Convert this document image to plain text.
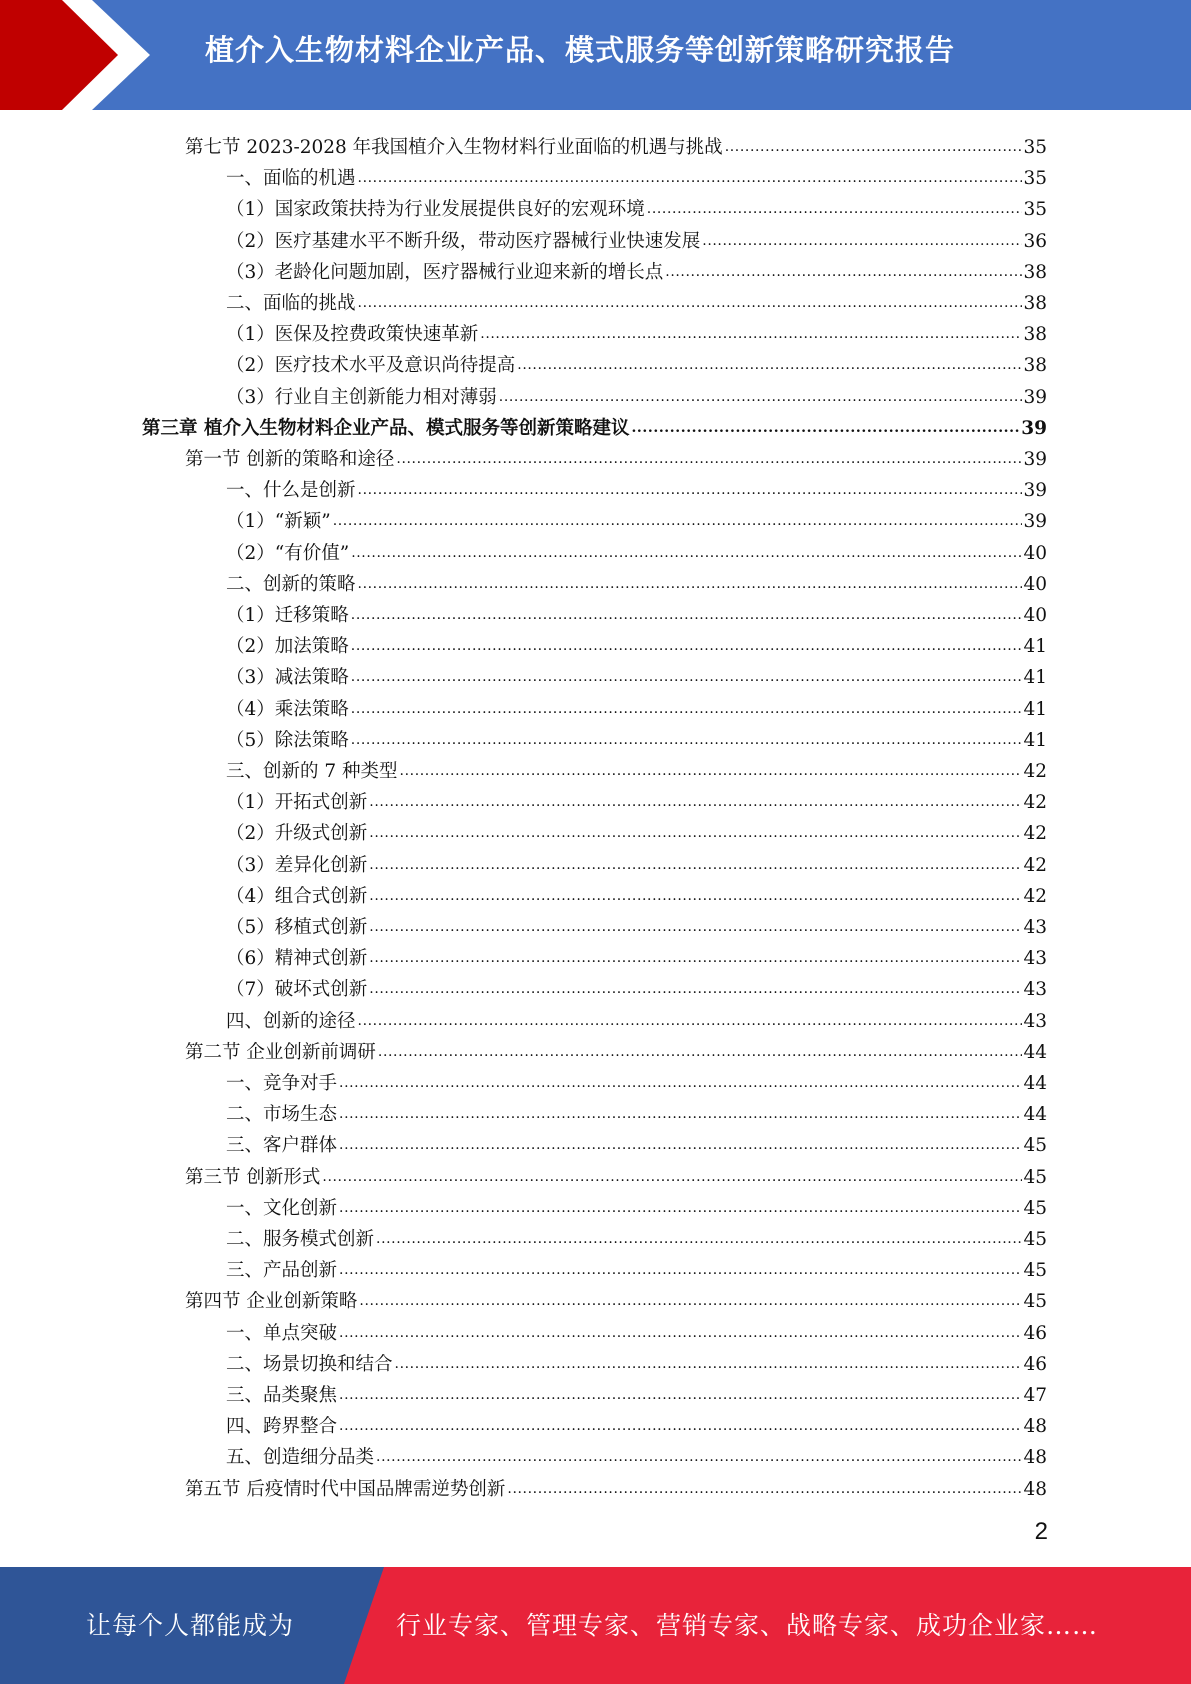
植介入生物材料企业产品、模式服务等创新策略研究报告
第七节 2023-2028 年我国植介入生物材料行业面临的机遇与挑战 .....	35
一、面临的机遇 .....	35
（1）国家政策扶持为行业发展提供良好的宏观环境 .....	35
（2）医疗基建水平不断升级，带动医疗器械行业快速发展 .....	36
（3）老龄化问题加剧，医疗器械行业迎来新的增长点 .....	38
二、面临的挑战 .....	38
（1）医保及控费政策快速革新 .....	38
（2）医疗技术水平及意识尚待提高 .....	38
（3）行业自主创新能力相对薄弱 .....	39
第三章 植介入生物材料企业产品、模式服务等创新策略建议 .....	39
第一节 创新的策略和途径 .....	39
一、什么是创新 .....	39
（1）“新颖” .....	39
（2）“有价值” .....	40
二、创新的策略 .....	40
（1）迁移策略 .....	40
（2）加法策略 .....	41
（3）减法策略 .....	41
（4）乘法策略 .....	41
（5）除法策略 .....	41
三、创新的 7 种类型 .....	42
（1）开拓式创新 .....	42
（2）升级式创新 .....	42
（3）差异化创新 .....	42
（4）组合式创新 .....	42
（5）移植式创新 .....	43
（6）精神式创新 .....	43
（7）破坏式创新 .....	43
四、创新的途径 .....	43
第二节 企业创新前调研 .....	44
一、竞争对手 .....	44
二、市场生态 .....	44
三、客户群体 .....	45
第三节 创新形式 .....	45
一、文化创新 .....	45
二、服务模式创新 .....	45
三、产品创新 .....	45
第四节 企业创新策略 .....	45
一、单点突破 .....	46
二、场景切换和结合 .....	46
三、品类聚焦 .....	47
四、跨界整合 .....	48
五、创造细分品类 .....	48
第五节 后疫情时代中国品牌需逆势创新 .....	48
2
让每个人都能成为	行业专家、管理专家、营销专家、战略专家、成功企业家……
